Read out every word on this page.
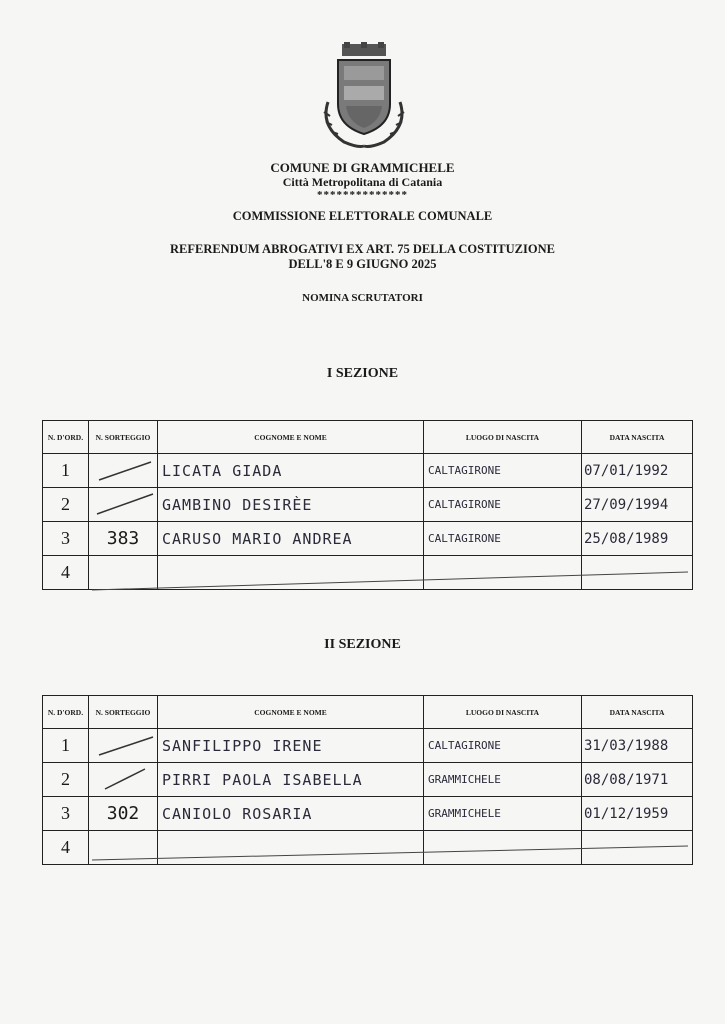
COMUNE DI GRAMMICHELE
Città Metropolitana di Catania
**************
COMMISSIONE ELETTORALE COMUNALE
REFERENDUM ABROGATIVI EX ART. 75 DELLA COSTITUZIONE
DELL'8 E 9 GIUGNO 2025
NOMINA SCRUTATORI
I SEZIONE
N. D'ORD.	N. SORTEGGIO	COGNOME E NOME	LUOGO DI NASCITA	DATA NASCITA
1		LICATA GIADA	CALTAGIRONE	07/01/1992
2		GAMBINO DESIRÈE	CALTAGIRONE	27/09/1994
3	383	CARUSO MARIO ANDREA	CALTAGIRONE	25/08/1989
4				
II SEZIONE
N. D'ORD.	N. SORTEGGIO	COGNOME E NOME	LUOGO DI NASCITA	DATA NASCITA
1		SANFILIPPO IRENE	CALTAGIRONE	31/03/1988
2		PIRRI PAOLA ISABELLA	GRAMMICHELE	08/08/1971
3	302	CANIOLO ROSARIA	GRAMMICHELE	01/12/1959
4				
